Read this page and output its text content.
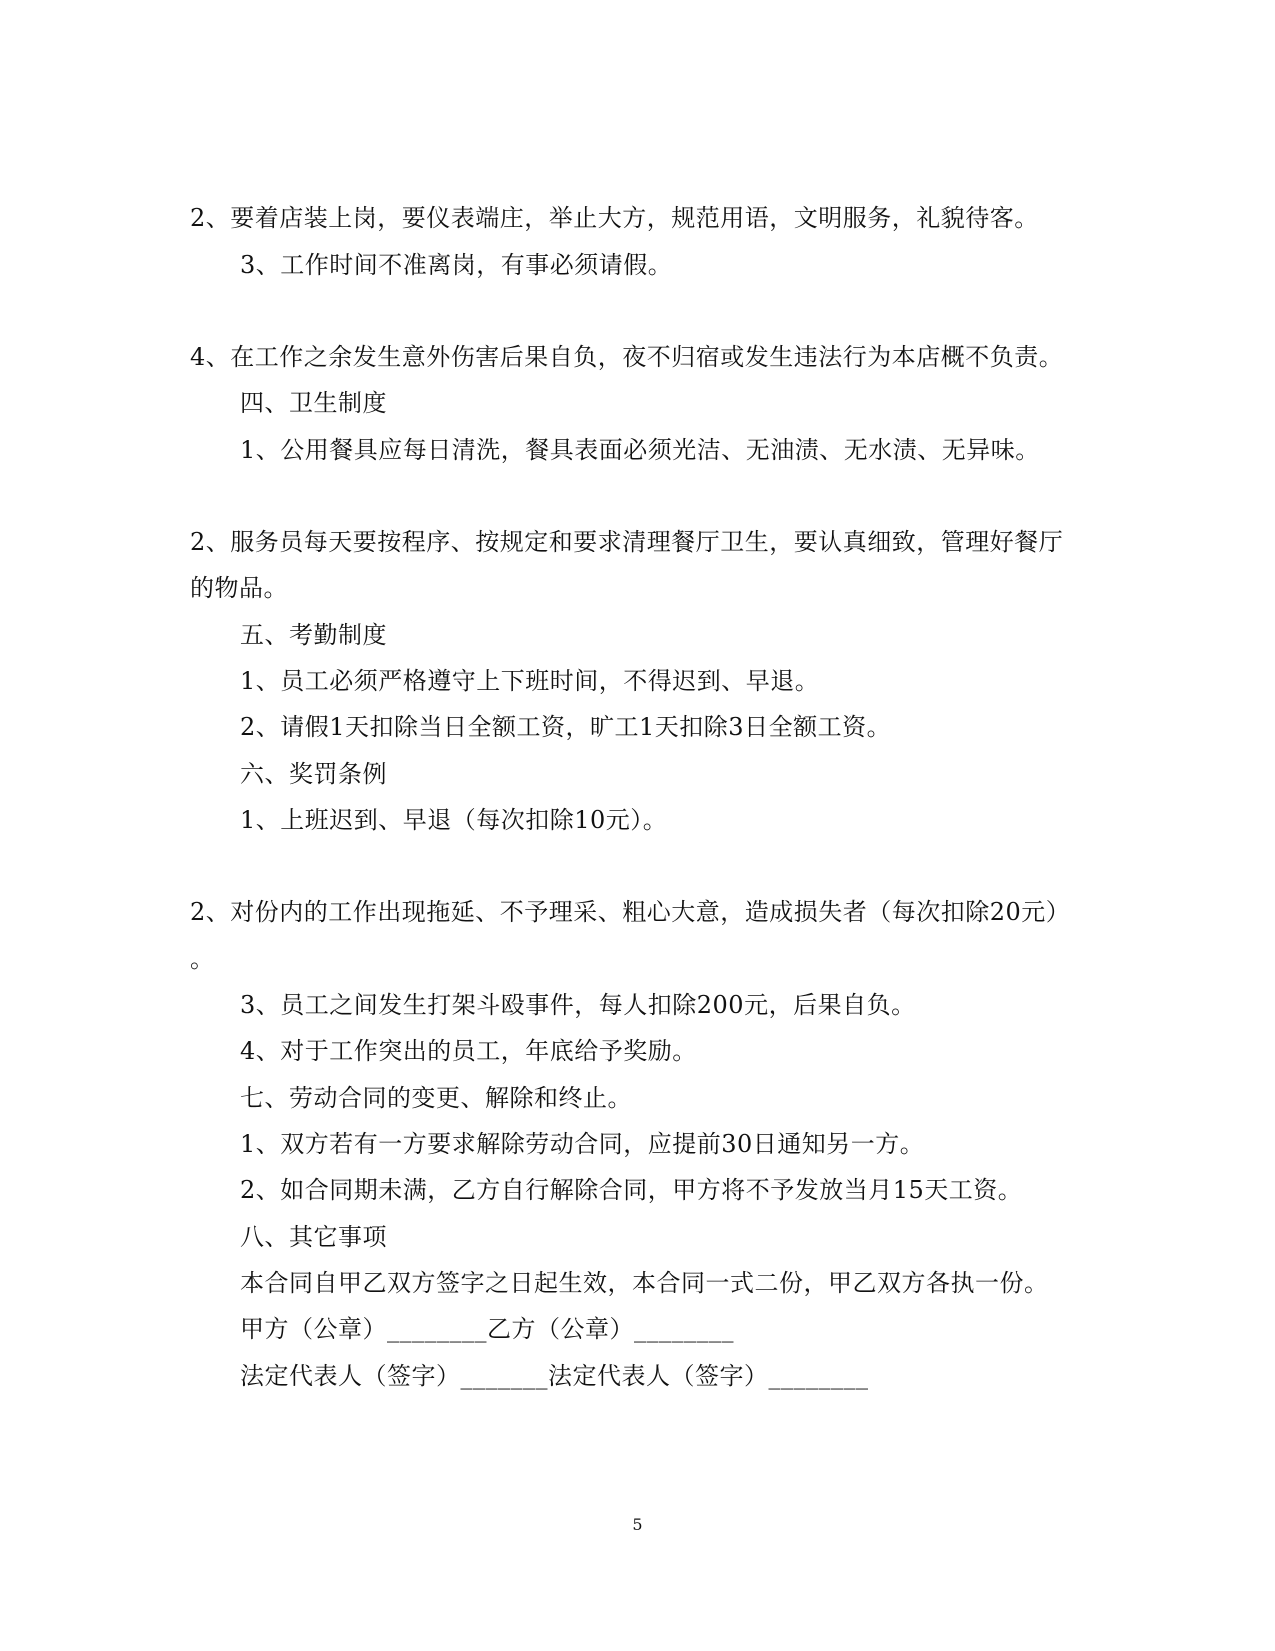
2、要着店装上岗，要仪表端庄，举止大方，规范用语，文明服务，礼貌待客。
3、工作时间不准离岗，有事必须请假。
4、在工作之余发生意外伤害后果自负，夜不归宿或发生违法行为本店概不负责。
四、卫生制度
1、公用餐具应每日清洗，餐具表面必须光洁、无油渍、无水渍、无异味。
2、服务员每天要按程序、按规定和要求清理餐厅卫生，要认真细致，管理好餐厅
的物品。
五、考勤制度
1、员工必须严格遵守上下班时间，不得迟到、早退。
2、请假1天扣除当日全额工资，旷工1天扣除3日全额工资。
六、奖罚条例
1、上班迟到、早退（每次扣除10元）。
2、对份内的工作出现拖延、不予理采、粗心大意，造成损失者（每次扣除20元）
。
3、员工之间发生打架斗殴事件，每人扣除200元，后果自负。
4、对于工作突出的员工，年底给予奖励。
七、劳动合同的变更、解除和终止。
1、双方若有一方要求解除劳动合同，应提前30日通知另一方。
2、如合同期未满，乙方自行解除合同，甲方将不予发放当月15天工资。
八、其它事项
本合同自甲乙双方签字之日起生效，本合同一式二份，甲乙双方各执一份。
甲方（公章）________乙方（公章）________
法定代表人（签字）_______法定代表人（签字）________
5
